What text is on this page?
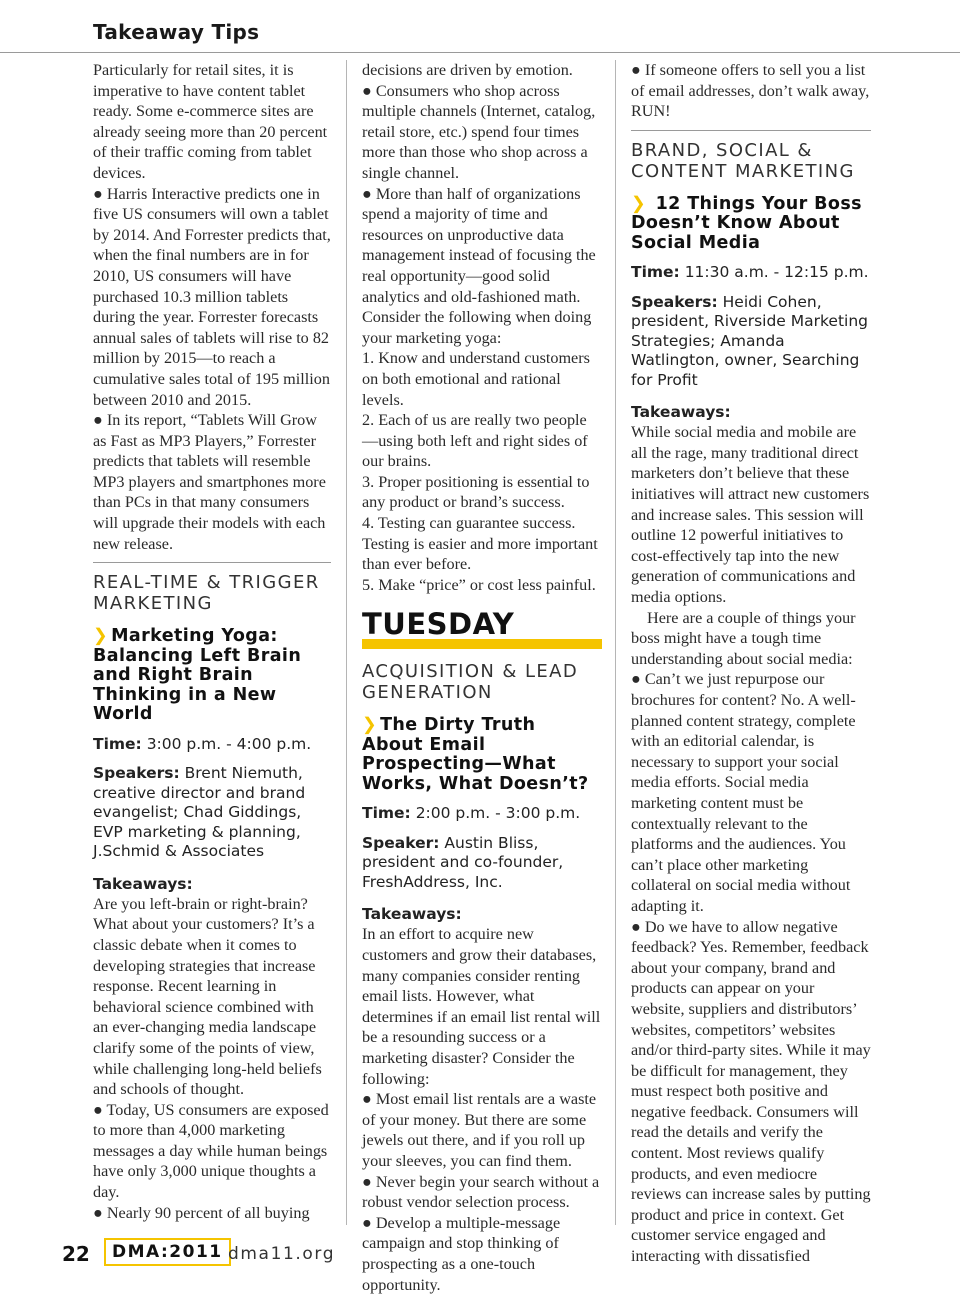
Takeaway Tips

Particularly for retail sites, it is imperative to have content tablet ready. Some e-commerce sites are already seeing more than 20 percent of their traffic coming from tablet devices.

● Harris Interactive predicts one in five US consumers will own a tablet by 2014. And Forrester predicts that, when the final numbers are in for 2010, US consumers will have purchased 10.3 million tablets during the year. Forrester forecasts annual sales of tablets will rise to 82 million by 2015—to reach a cumulative sales total of 195 million between 2010 and 2015.

● In its report, “Tablets Will Grow as Fast as MP3 Players,” Forrester predicts that tablets will resemble MP3 players and smartphones more than PCs in that many consumers will upgrade their models with each new release.

REAL-TIME & TRIGGER MARKETING
❯ Marketing Yoga: Balancing Left Brain and Right Brain Thinking in a New World
Time: 3:00 p.m. - 4:00 p.m.
Speakers: Brent Niemuth, creative director and brand evangelist; Chad Giddings, EVP marketing & planning, J.Schmid & Associates
Takeaways:

Are you left-brain or right-brain? What about your customers? It’s a classic debate when it comes to developing strategies that increase response. Recent learning in behavioral science combined with an ever-changing media landscape clarify some of the points of view, while challenging long-held beliefs and schools of thought.

● Today, US consumers are exposed to more than 4,000 marketing messages a day while human beings have only 3,000 unique thoughts a day.

● Nearly 90 percent of all buying

decisions are driven by emotion.

● Consumers who shop across multiple channels (Internet, catalog, retail store, etc.) spend four times more than those who shop across a single channel.

● More than half of organizations spend a majority of time and resources on unproductive data management instead of focusing the real opportunity—good solid analytics and old-fashioned math. Consider the following when doing your marketing yoga:

1. Know and understand customers on both emotional and rational levels.

2. Each of us are really two people—using both left and right sides of our brains.

3. Proper positioning is essential to any product or brand’s success.

4. Testing can guarantee success. Testing is easier and more important than ever before.

5. Make “price” or cost less painful.

TUESDAY
ACQUISITION & LEAD GENERATION
❯ The Dirty Truth About Email Prospecting—What Works, What Doesn’t?
Time: 2:00 p.m. - 3:00 p.m.
Speaker: Austin Bliss, president and co-founder, FreshAddress, Inc.
Takeaways:

In an effort to acquire new customers and grow their databases, many companies consider renting email lists. However, what determines if an email list rental will be a resounding success or a marketing disaster? Consider the following:

● Most email list rentals are a waste of your money. But there are some jewels out there, and if you roll up your sleeves, you can find them.

● Never begin your search without a robust vendor selection process.

● Develop a multiple-message campaign and stop thinking of prospecting as a one-touch opportunity.

● If someone offers to sell you a list of email addresses, don’t walk away, RUN!

BRAND, SOCIAL & CONTENT MARKETING
❯ 12 Things Your Boss Doesn’t Know About Social Media
Time: 11:30 a.m. - 12:15 p.m.
Speakers: Heidi Cohen, president, Riverside Marketing Strategies; Amanda Watlington, owner, Searching for Profit
Takeaways:

While social media and mobile are all the rage, many traditional direct marketers don’t believe that these initiatives will attract new customers and increase sales. This session will outline 12 powerful initiatives to cost-effectively tap into the new generation of communications and media options.

Here are a couple of things your boss might have a tough time understanding about social media:

● Can’t we just repurpose our brochures for content? No. A well-planned content strategy, complete with an editorial calendar, is necessary to support your social media efforts. Social media marketing content must be contextually relevant to the platforms and the audiences. You can’t place other marketing collateral on social media without adapting it.

● Do we have to allow negative feedback? Yes. Remember, feedback about your company, brand and products can appear on your website, suppliers and distributors’ websites, competitors’ websites and/or third-party sites. While it may be difficult for management, they must respect both positive and negative feedback. Consumers will read the details and verify the content. Most reviews qualify products, and even mediocre reviews can increase sales by putting product and price in context. Get customer service engaged and interacting with dissatisfied

22	DMA:2011 dma11.org
